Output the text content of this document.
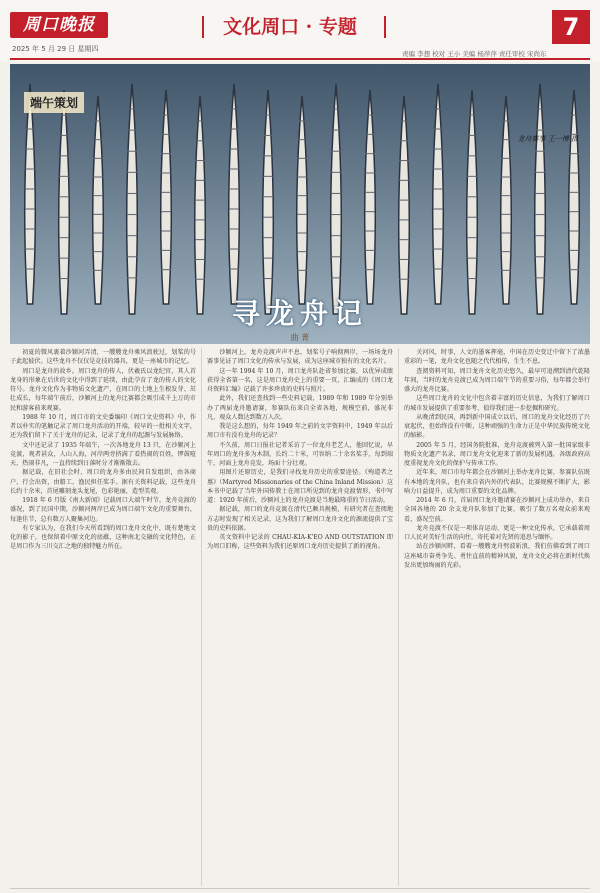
周口晚报
2025 年 5 月 29 日 星期四
文化周口 · 专题
责编 李想 校对 王小 美编 杨萍萍 责任审校 宋尚东
7
端午策划
龙舟赛事 王一博 摄
寻龙舟记
曲 菁

初夏的微风裹着沙颍河弄清，一艘艘龙舟乘风浪驶过，划桨的号子此起彼伏。这些龙舟不仅仅是竞技的器具，更是一座城市的记忆。

周口是龙舟的故乡。周口龙舟的传人，伏羲氏以龙纪官，其人首龙身的形象在后世的文化中得到了延续，由此孕育了龙的传人的文化符号。龙舟文化作为非物质文化遗产，在周口的土地上生根发芽、茁壮成长，每年端午前后，沙颍河上的龙舟比赛都会吸引成千上万的市民和游客前来观赛。

1988 年 10 月，周口市的文史委编印《周口文史资料》中，作者以朴实的笔触记录了周口龙舟活动的开端，较早的一批相关文字，还为我们留下了关于龙舟的记录，记录了龙舟的起源与发展脉络。

文中还记录了 1935 年端午，一次各地龙舟 13 只，在沙颍河上竞渡，观者甚众，人山人海，河岸两旁挤满了看热闹的百姓，锣鼓喧天，热闹非凡，一直持续到日落时分才渐渐散去。

据记载，在旧社会时，周口的龙舟多由民间自发组织，由各商户、行会出资，由船工、渔民担任桨手。据有关资料记载，这些龙舟长约十余米，首尾雕刻龙头龙尾，色彩艳丽，造型美观。

1918 年 6 月版《南大新闻》记载周口大端午时节，龙舟竞渡的盛况，到了民国中期，沙颍河两岸已成为周口端午文化的重要舞台，每逢佳节，总有数万人聚集河边。

有专家认为，在我们今天所看到的周口龙舟文化中，既有楚地文化的影子，也保留着中原文化的底蕴，这种南北交融的文化特色，正是周口作为三川交汇之地的独特魅力所在。

沙颍河上，龙舟竞渡声声不息，划桨号子响彻两岸，一场场龙舟赛事见证了周口文化的传承与发展，成为这座城市独有的文化名片。

这一年 1994 年 10 月，周口龙舟队赴省参加比赛，以优异成绩获得全省第一名，这是周口龙舟史上的重要一页，汇编成的《周口龙舟资料汇编》记载了许多珍贵的史料与照片。

此外，我们还查找到一些史料记载，1989 年和 1989 年分别举办了两届龙舟邀请赛，参赛队伍来自全省各地，规模空前，盛况非凡，观众人数达到数万人次。

我是这么想的，每年 1949 年之前的文字资料中，1949 年以后周口市有没有龙舟的记录？

不久前，周口日报社记者采访了一位龙舟老艺人，他回忆说，早年周口的龙舟多为木制，长约二十米，可容纳二十余名桨手，每到端午，河面上龙舟竞发，场面十分壮观。

用图片还原历史，是我们寻找龙舟历史的重要途径。《殉道者之墓》（Martyred Missionaries of the China Inland Mission）这本书中记载了当年外国传教士在周口所见到的龙舟竞渡情形，书中写道：1920 年前后，沙颍河上的龙舟竞渡是当地最隆重的节日活动。

据记载，周口的龙舟竞渡在清代已颇具规模，有研究者在查阅地方志时发现了相关记录，这为我们了解周口龙舟文化的源流提供了宝贵的史料依据。

英文资料中记录的 CHAU-KIA-K'EO AND OUTSTATION 即为周口旧称，这些资料为我们还原周口龙舟历史提供了新的视角。

关河风，时事，人文的墨客挥毫，中国在历史变迁中留下了浓墨重彩的一笔，龙舟文化也随之代代相传，生生不息。

查阅资料可知，周口龙舟文化历史悠久，最早可追溯到清代乾隆年间，当时的龙舟竞渡已成为周口端午节的重要习俗，每年都会举行盛大的龙舟比赛。

这些周口龙舟的文化中包含着丰富的历史信息，为我们了解周口的城市发展提供了重要参考，值得我们进一步挖掘和研究。

从晚清到民国，再到新中国成立以后，周口的龙舟文化经历了兴衰起伏，但始终没有中断，这种顽强的生命力正是中华民族传统文化的缩影。

2005 年 5 月，经国务院批准，龙舟竞渡被列入第一批国家级非物质文化遗产名录，周口龙舟文化迎来了新的发展机遇，各级政府高度重视龙舟文化的保护与传承工作。

近年来，周口市每年都会在沙颍河上举办龙舟比赛，参赛队伍既有本地的龙舟队，也有来自省内外的代表队，比赛规模不断扩大，影响力日益提升，成为周口重要的文化品牌。

2014 年 6 月，首届周口龙舟邀请赛在沙颍河上成功举办，来自全国各地的 20 余支龙舟队参加了比赛，吸引了数万名观众前来观看，盛况空前。

龙舟竞渡不仅是一项体育运动，更是一种文化传承，它承载着周口人民对美好生活的向往，寄托着对先贤的追思与缅怀。

站在沙颍河畔，看着一艘艘龙舟劈波斩浪，我们仿佛看到了周口这座城市奋勇争先、勇往直前的精神风貌，龙舟文化必将在新时代焕发出更加绚丽的光彩。
